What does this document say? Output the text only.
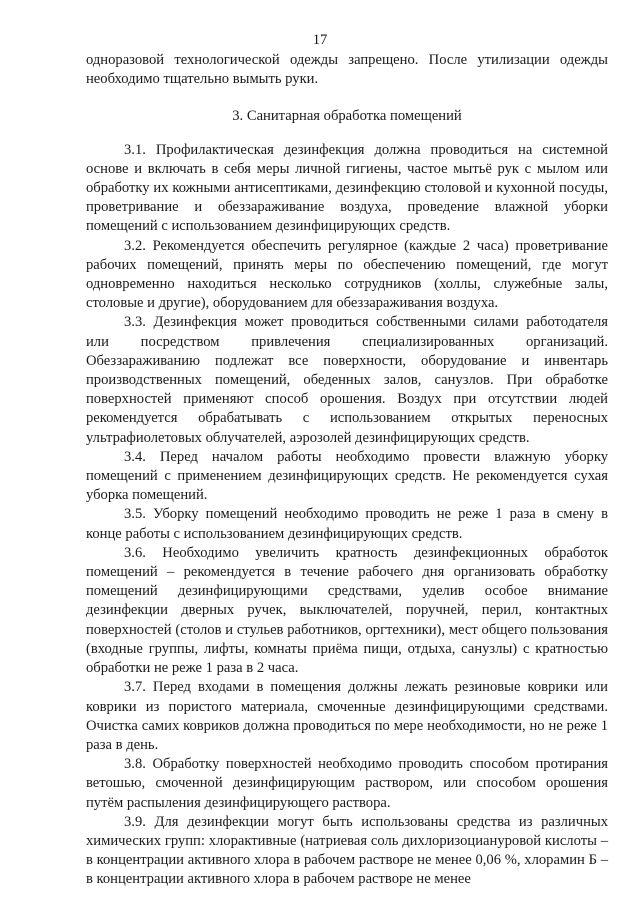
17

одноразовой технологической одежды запрещено. После утилизации одежды необходимо тщательно вымыть руки.

3. Санитарная обработка помещений

3.1. Профилактическая дезинфекция должна проводиться на системной основе и включать в себя меры личной гигиены, частое мытьё рук с мылом или обработку их кожными антисептиками, дезинфекцию столовой и кухонной посуды, проветривание и обеззараживание воздуха, проведение влажной уборки помещений с использованием дезинфицирующих средств.

3.2. Рекомендуется обеспечить регулярное (каждые 2 часа) проветривание рабочих помещений, принять меры по обеспечению помещений, где могут одновременно находиться несколько сотрудников (холлы, служебные залы, столовые и другие), оборудованием для обеззараживания воздуха.

3.3. Дезинфекция может проводиться собственными силами работодателя или посредством привлечения специализированных организаций. Обеззараживанию подлежат все поверхности, оборудование и инвентарь производственных помещений, обеденных залов, санузлов. При обработке поверхностей применяют способ орошения. Воздух при отсутствии людей рекомендуется обрабатывать с использованием открытых переносных ультрафиолетовых облучателей, аэрозолей дезинфицирующих средств.

3.4. Перед началом работы необходимо провести влажную уборку помещений с применением дезинфицирующих средств. Не рекомендуется сухая уборка помещений.

3.5. Уборку помещений необходимо проводить не реже 1 раза в смену в конце работы с использованием дезинфицирующих средств.

3.6. Необходимо увеличить кратность дезинфекционных обработок помещений – рекомендуется в течение рабочего дня организовать обработку помещений дезинфицирующими средствами, уделив особое внимание дезинфекции дверных ручек, выключателей, поручней, перил, контактных поверхностей (столов и стульев работников, оргтехники), мест общего пользования (входные группы, лифты, комнаты приёма пищи, отдыха, санузлы) с кратностью обработки не реже 1 раза в 2 часа.

3.7. Перед входами в помещения должны лежать резиновые коврики или коврики из пористого материала, смоченные дезинфицирующими средствами. Очистка самих ковриков должна проводиться по мере необходимости, но не реже 1 раза в день.

3.8. Обработку поверхностей необходимо проводить способом протирания ветошью, смоченной дезинфицирующим раствором, или способом орошения путём распыления дезинфицирующего раствора.

3.9. Для дезинфекции могут быть использованы средства из различных химических групп: хлорактивные (натриевая соль дихлоризоциануровой кислоты – в концентрации активного хлора в рабочем растворе не менее 0,06 %, хлорамин Б – в концентрации активного хлора в рабочем растворе не менее
